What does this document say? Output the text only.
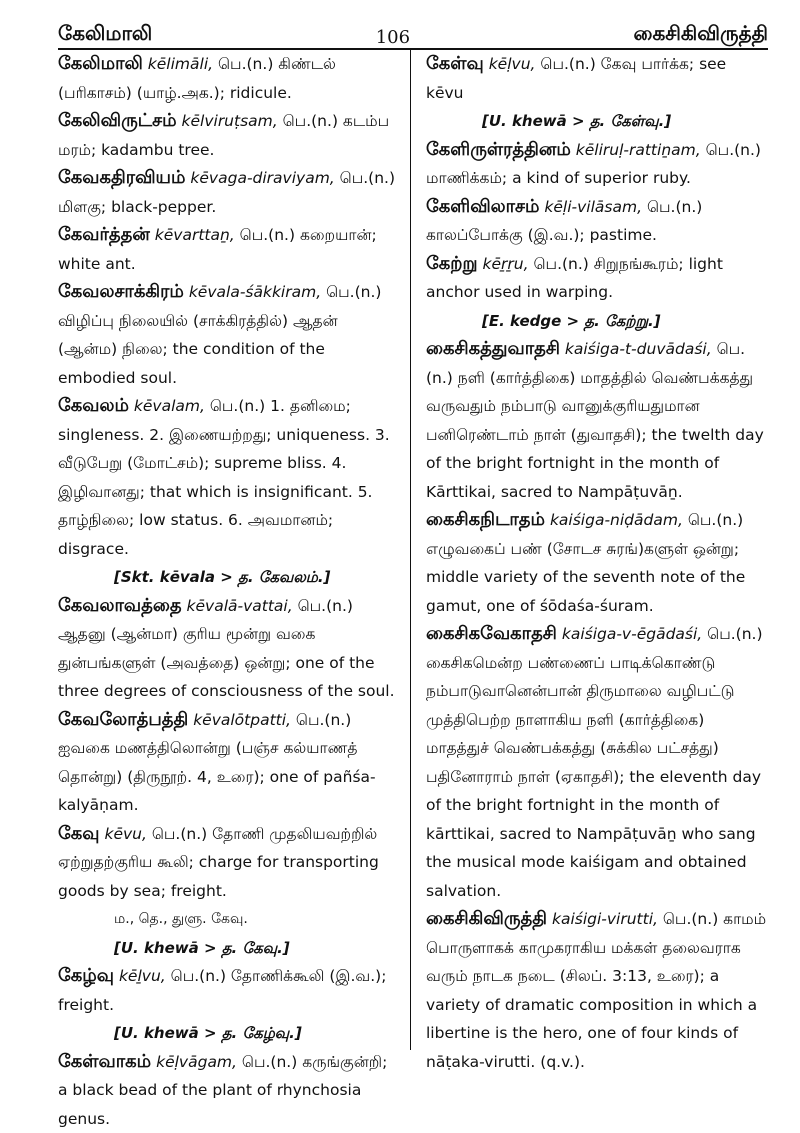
கேலிமாலி	106	கைசிகிவிருத்தி

கேலிமாலி kēlimāli, பெ.(n.) கிண்டல் (பரிகாசம்) (யாழ்.அக.); ridicule.

கேலிவிருட்சம் kēlviruṭsam, பெ.(n.) கடம்ப மரம்; kadambu tree.

கேவகதிரவியம் kēvaga-diraviyam, பெ.(n.) மிளகு; black-pepper.

கேவர்த்தன் kēvarttaṉ, பெ.(n.) கறையான்; white ant.

கேவலசாக்கிரம் kēvala-śākkiram, பெ.(n.) விழிப்பு நிலையில் (சாக்கிரத்தில்) ஆதன் (ஆன்ம) நிலை; the condition of the embodied soul.

கேவலம் kēvalam, பெ.(n.) 1. தனிமை; singleness. 2. இணையற்றது; uniqueness. 3. வீடுபேறு (மோட்சம்); supreme bliss. 4. இழிவானது; that which is insignificant. 5. தாழ்நிலை; low status. 6. அவமானம்; disgrace.

[Skt. kēvala > த. கேவலம்.]

கேவலாவத்தை kēvalā-vattai, பெ.(n.) ஆதனு (ஆன்மா) குரிய மூன்று வகை துன்பங்களுள் (அவத்தை) ஒன்று; one of the three degrees of consciousness of the soul.

கேவலோத்பத்தி kēvalōtpatti, பெ.(n.) ஐவகை மணத்திலொன்று (பஞ்ச கல்யாணத் தொன்று) (திருநூற். 4, உரை); one of pañśa-kalyāṇam.

கேவு kēvu, பெ.(n.) தோணி முதலியவற்றில் ஏற்றுதற்குரிய கூலி; charge for transporting goods by sea; freight.

ம., தெ., துளு. கேவு.
[U. khewā > த. கேவு.]

கேழ்வு kēḻvu, பெ.(n.) தோணிக்கூலி (இ.வ.); freight.

[U. khewā > த. கேழ்வு.]

கேள்வாகம் kēḷvāgam, பெ.(n.) கருங்குன்றி; a black bead of the plant of rhynchosia genus.

கேள்வு kēḷvu, பெ.(n.) கேவு பார்க்க; see kēvu

[U. khewā > த. கேள்வு.]

கேளிருள்ரத்தினம் kēliruḷ-rattiṉam, பெ.(n.) மாணிக்கம்; a kind of superior ruby.

கேளிவிலாசம் kēḷi-vilāsam, பெ.(n.) காலப்போக்கு (இ.வ.); pastime.

கேற்று kēṟṟu, பெ.(n.) சிறுநங்கூரம்; light anchor used in warping.

[E. kedge > த. கேற்று.]

கைசிகத்துவாதசி kaiśiga-t-duvādaśi, பெ.(n.) நளி (கார்த்திகை) மாதத்தில் வெண்பக்கத்து வருவதும் நம்பாடு வானுக்குரியதுமான பனிரெண்டாம் நாள் (துவாதசி); the twelth day of the bright fortnight in the month of Kārttikai, sacred to Nampāṭuvāṉ.

கைசிகநிடாதம் kaiśiga-niḍādam, பெ.(n.) எழுவகைப் பண் (சோடச சுரங்)களுள் ஒன்று; middle variety of the seventh note of the gamut, one of śōdaśa-śuram.

கைசிகவேகாதசி kaiśiga-v-ēgādaśi, பெ.(n.) கைசிகமென்ற பண்ணைப் பாடிக்கொண்டு நம்பாடுவானென்பான் திருமாலை வழிபட்டு முத்திபெற்ற நாளாகிய நளி (கார்த்திகை) மாதத்துச் வெண்பக்கத்து (சுக்கில பட்சத்து) பதினோராம் நாள் (ஏகாதசி); the eleventh day of the bright fortnight in the month of kārttikai, sacred to Nampāṭuvāṉ who sang the musical mode kaiśigam and obtained salvation.

கைசிகிவிருத்தி kaiśigi-virutti, பெ.(n.) காமம் பொருளாகக் காமுகராகிய மக்கள் தலைவராக வரும் நாடக நடை (சிலப். 3:13, உரை); a variety of dramatic composition in which a libertine is the hero, one of four kinds of nāṭaka-virutti. (q.v.).
